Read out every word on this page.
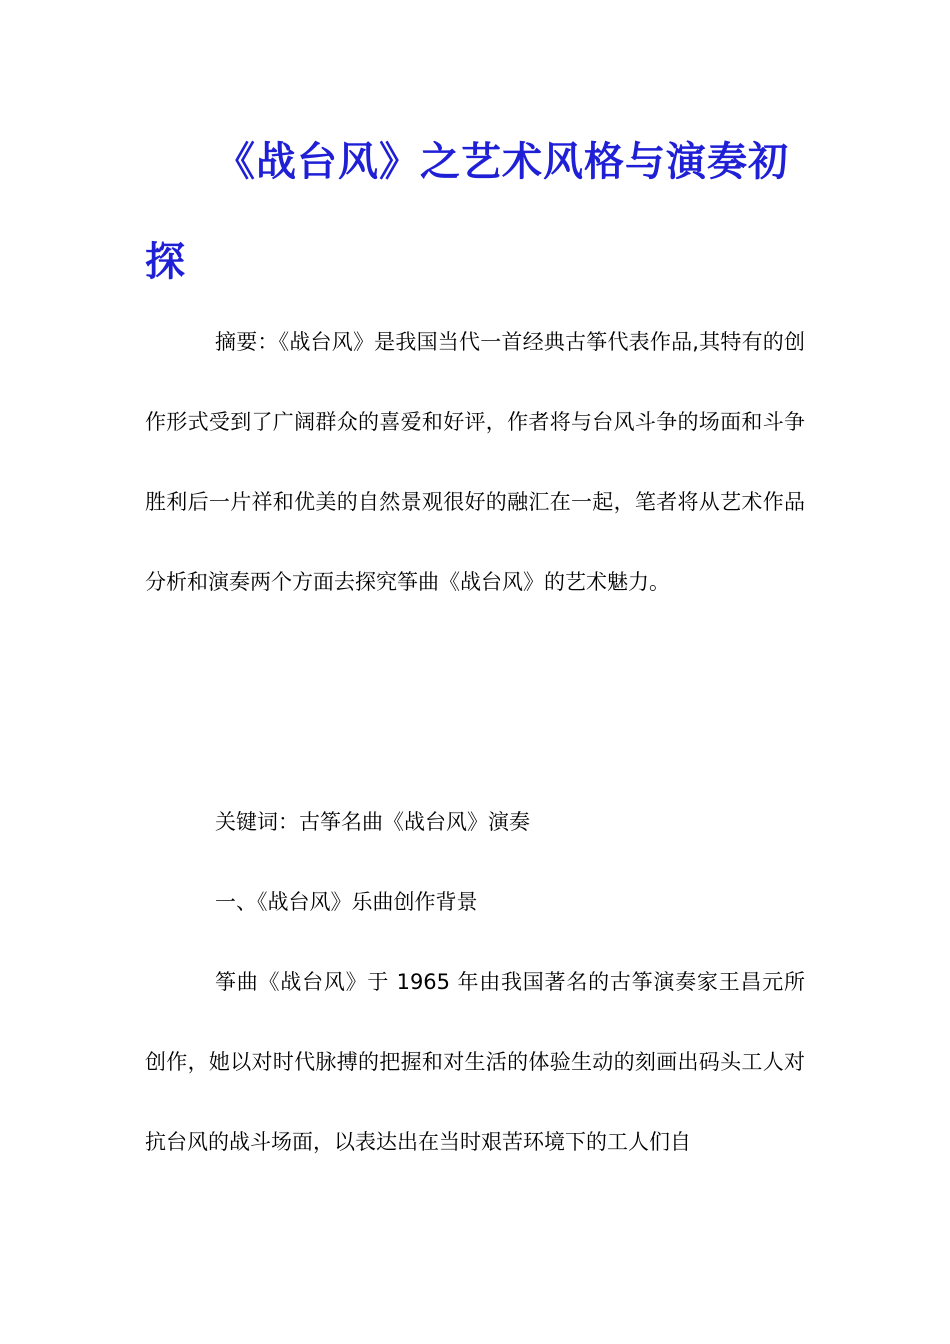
《战台风》之艺术风格与演奏初探

摘要：《战台风》是我国当代一首经典古筝代表作品,其特有的创作形式受到了广阔群众的喜爱和好评，作者将与台风斗争的场面和斗争胜利后一片祥和优美的自然景观很好的融汇在一起，笔者将从艺术作品分析和演奏两个方面去探究筝曲《战台风》的艺术魅力。

关键词：古筝名曲《战台风》演奏

一、《战台风》乐曲创作背景

筝曲《战台风》于 1965 年由我国著名的古筝演奏家王昌元所创作，她以对时代脉搏的把握和对生活的体验生动的刻画出码头工人对抗台风的战斗场面，以表达出在当时艰苦环境下的工人们自
